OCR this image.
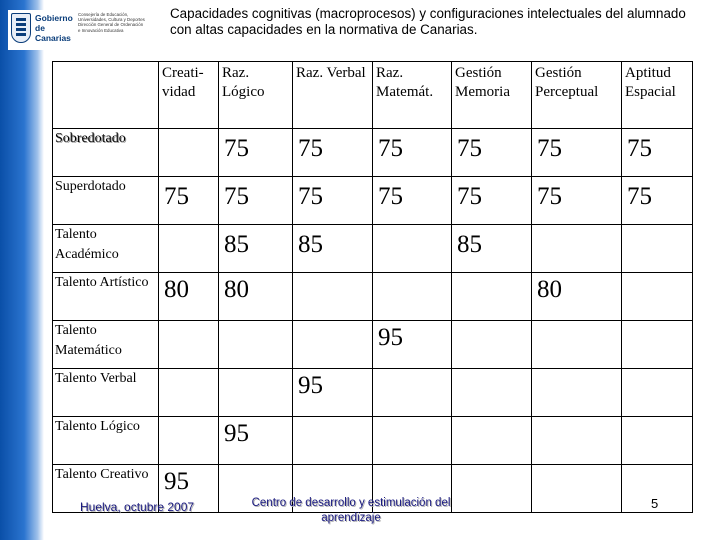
Gobierno
de Canarias
Consejería de Educación,
Universidades, Cultura y Deportes
Dirección General de Ordenación
e Innovación Educativa
Capacidades cognitivas (macroprocesos) y configuraciones intelectuales del alumnado con altas capacidades en la normativa de Canarias.
	Creati-vidad	Raz. Lógico	Raz. Verbal	Raz. Matemát.	Gestión Memoria	Gestión Perceptual	Aptitud Espacial
Sobredotado		75	75	75	75	75	75
Superdotado	75	75	75	75	75	75	75
Talento Académico		85	85		85		
Talento Artístico	80	80				80	
Talento Matemático				95			
Talento Verbal			95				
Talento Lógico		95					
Talento Creativo	95						
Huelva, octubre 2007	Centro de desarrollo y estimulación del aprendizaje
5
